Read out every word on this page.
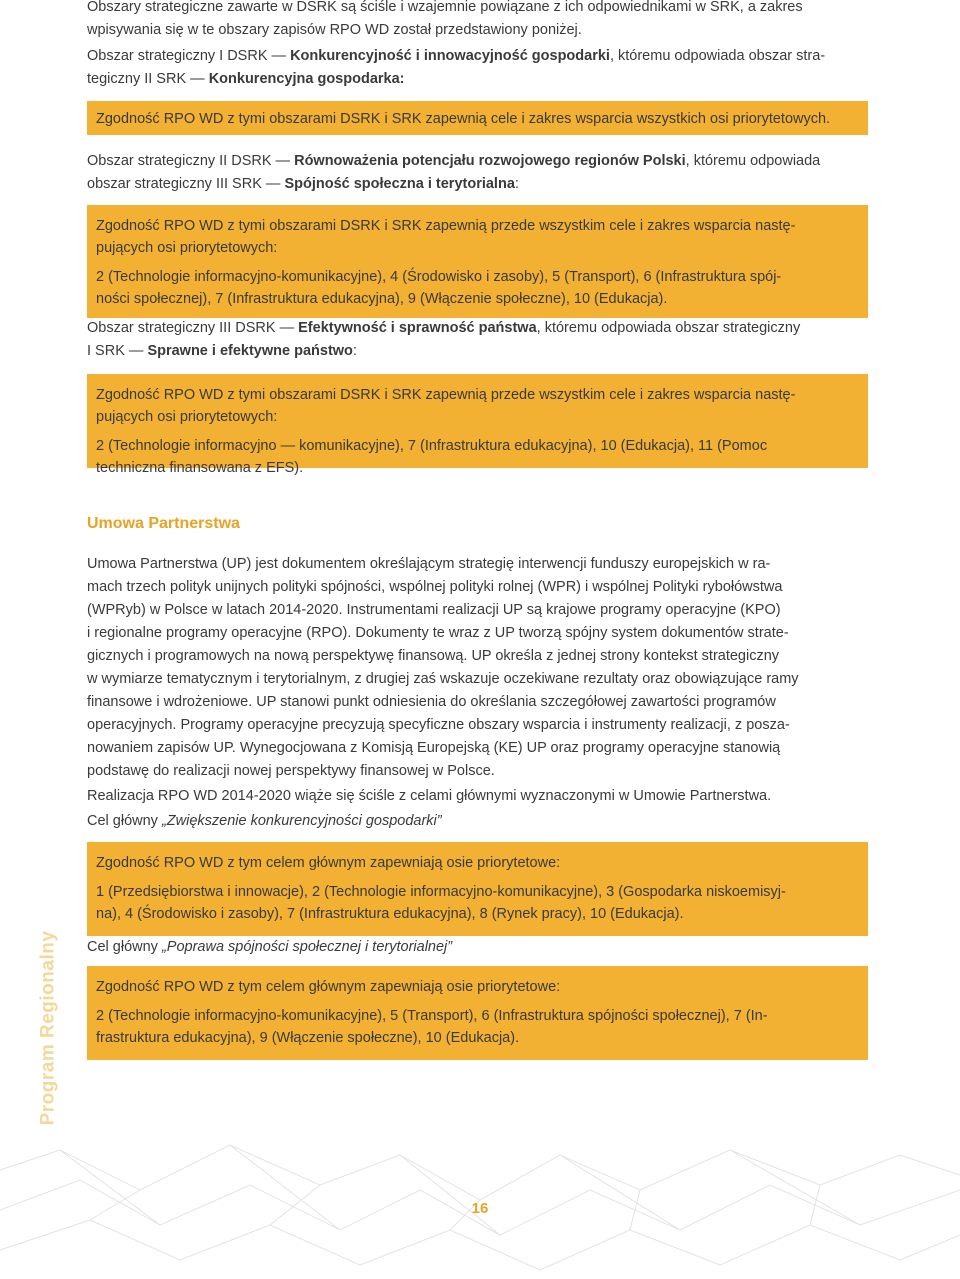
Obszary strategiczne zawarte w DSRK są ściśle i wzajemnie powiązane z ich odpowiednikami w SRK, a zakres

wpisywania się w te obszary zapisów RPO WD został przedstawiony poniżej.

Obszar strategiczny I DSRK — Konkurencyjność i innowacyjność gospodarki, któremu odpowiada obszar stra-

tegiczny II SRK — Konkurencyjna gospodarka:

Zgodność RPO WD z tymi obszarami DSRK i SRK zapewnią cele i zakres wsparcia wszystkich osi priorytetowych.

Obszar strategiczny II DSRK — Równoważenia potencjału rozwojowego regionów Polski, któremu odpowiada

obszar strategiczny III SRK — Spójność społeczna i terytorialna:

Zgodność RPO WD z tymi obszarami DSRK i SRK zapewnią przede wszystkim cele i zakres wsparcia nastę-

pujących osi priorytetowych:

2 (Technologie informacyjno-komunikacyjne), 4 (Środowisko i zasoby), 5 (Transport), 6 (Infrastruktura spój-

ności społecznej), 7 (Infrastruktura edukacyjna), 9 (Włączenie społeczne), 10 (Edukacja).

Obszar strategiczny III DSRK — Efektywność i sprawność państwa, któremu odpowiada obszar strategiczny

I SRK — Sprawne i efektywne państwo:

Zgodność RPO WD z tymi obszarami DSRK i SRK zapewnią przede wszystkim cele i zakres wsparcia nastę-

pujących osi priorytetowych:

2 (Technologie informacyjno — komunikacyjne), 7 (Infrastruktura edukacyjna), 10 (Edukacja), 11 (Pomoc

techniczna finansowana z EFS).

Umowa Partnerstwa

Umowa Partnerstwa (UP) jest dokumentem określającym strategię interwencji funduszy europejskich w ra-

mach trzech polityk unijnych polityki spójności, wspólnej polityki rolnej (WPR) i wspólnej Polityki rybołówstwa

(WPRyb) w Polsce w latach 2014-2020. Instrumentami realizacji UP są krajowe programy operacyjne (KPO)

i regionalne programy operacyjne (RPO). Dokumenty te wraz z UP tworzą spójny system dokumentów strate-

gicznych i programowych na nową perspektywę finansową. UP określa z jednej strony kontekst strategiczny

w wymiarze tematycznym i terytorialnym, z drugiej zaś wskazuje oczekiwane rezultaty oraz obowiązujące ramy

finansowe i wdrożeniowe. UP stanowi punkt odniesienia do określania szczegółowej zawartości programów

operacyjnych. Programy operacyjne precyzują specyficzne obszary wsparcia i instrumenty realizacji, z posza-

nowaniem zapisów UP. Wynegocjowana z Komisją Europejską (KE) UP oraz programy operacyjne stanowią

podstawę do realizacji nowej perspektywy finansowej w Polsce.

Realizacja RPO WD 2014-2020 wiąże się ściśle z celami głównymi wyznaczonymi w Umowie Partnerstwa.

Cel główny „Zwiększenie konkurencyjności gospodarki”

Zgodność RPO WD z tym celem głównym zapewniają osie priorytetowe:

1 (Przedsiębiorstwa i innowacje), 2 (Technologie informacyjno-komunikacyjne), 3 (Gospodarka niskoemisyj-

na), 4 (Środowisko i zasoby), 7 (Infrastruktura edukacyjna), 8 (Rynek pracy), 10 (Edukacja).

Cel główny „Poprawa spójności społecznej i terytorialnej”

Zgodność RPO WD z tym celem głównym zapewniają osie priorytetowe:

2 (Technologie informacyjno-komunikacyjne), 5 (Transport), 6 (Infrastruktura spójności społecznej), 7 (In-

frastruktura edukacyjna), 9 (Włączenie społeczne), 10 (Edukacja).

Program Regionalny
16
